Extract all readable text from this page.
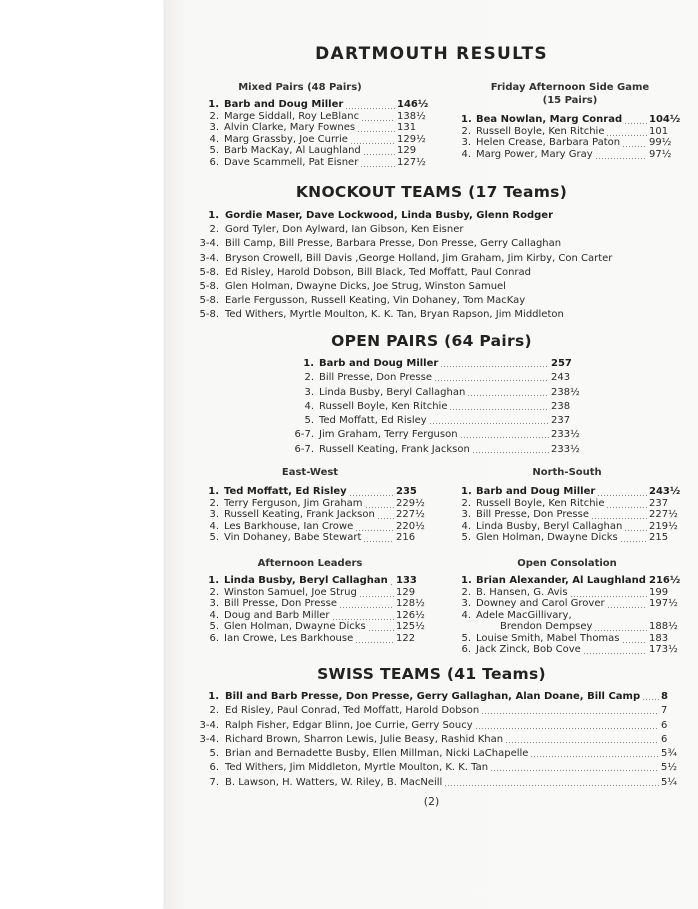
DARTMOUTH RESULTS
Mixed Pairs (48 Pairs)
1. Barb and Doug Miller	146½
2. Marge Siddall, Roy LeBlanc	138½
3. Alvin Clarke, Mary Fownes	131
4. Marg Grassby, Joe Currie	129½
5. Barb MacKay, Al Laughland	129
6. Dave Scammell, Pat Eisner	127½
Friday Afternoon Side Game
(15 Pairs)
1. Bea Nowlan, Marg Conrad	104½
2. Russell Boyle, Ken Ritchie	101
3. Helen Crease, Barbara Paton	99½
4. Marg Power, Mary Gray	97½
KNOCKOUT TEAMS (17 Teams)
1. Gordie Maser, Dave Lockwood, Linda Busby, Glenn Rodger
2. Gord Tyler, Don Aylward, Ian Gibson, Ken Eisner
3-4. Bill Camp, Bill Presse, Barbara Presse, Don Presse, Gerry Callaghan
3-4. Bryson Crowell, Bill Davis ,George Holland, Jim Graham, Jim Kirby, Con Carter
5-8. Ed Risley, Harold Dobson, Bill Black, Ted Moffatt, Paul Conrad
5-8. Glen Holman, Dwayne Dicks, Joe Strug, Winston Samuel
5-8. Earle Fergusson, Russell Keating, Vin Dohaney, Tom MacKay
5-8. Ted Withers, Myrtle Moulton, K. K. Tan, Bryan Rapson, Jim Middleton
OPEN PAIRS (64 Pairs)
1. Barb and Doug Miller	257
2. Bill Presse, Don Presse	243
3. Linda Busby, Beryl Callaghan	238½
4. Russell Boyle, Ken Ritchie	238
5. Ted Moffatt, Ed Risley	237
6-7. Jim Graham, Terry Ferguson	233½
6-7. Russell Keating, Frank Jackson	233½
East-West
1. Ted Moffatt, Ed Risley	235
2. Terry Ferguson, Jim Graham	229½
3. Russell Keating, Frank Jackson 227½
4. Les Barkhouse, Ian Crowe	220½
5. Vin Dohaney, Babe Stewart	216
North-South
1. Barb and Doug Miller	243½
2. Russell Boyle, Ken Ritchie	237
3. Bill Presse, Don Presse	227½
4. Linda Busby, Beryl Callaghan	219½
5. Glen Holman, Dwayne Dicks	215
Afternoon Leaders
1. Linda Busby, Beryl Callaghan 133
2. Winston Samuel, Joe Strug	129
3. Bill Presse, Don Presse	128½
4. Doug and Barb Miller	126½
5. Glen Holman, Dwayne Dicks	125½
6. Ian Crowe, Les Barkhouse	122
Open Consolation
1. Brian Alexander, Al Laughland 216½
2. B. Hansen, G. Avis	199
3. Downey and Carol Grover	197½
4. Adele MacGillivary,
Brendon Dempsey	188½
5. Louise Smith, Mabel Thomas	183
6. Jack Zinck, Bob Cove	173½
SWISS TEAMS (41 Teams)
1. Bill and Barb Presse, Don Presse, Gerry Gallaghan, Alan Doane, Bill Camp 8
2. Ed Risley, Paul Conrad, Ted Moffatt, Harold Dobson	7
3-4. Ralph Fisher, Edgar Blinn, Joe Currie, Gerry Soucy	6
3-4. Richard Brown, Sharron Lewis, Julie Beasy, Rashid Khan	6
5. Brian and Bernadette Busby, Ellen Millman, Nicki LaChapelle	5¾
6. Ted Withers, Jim Middleton, Myrtle Moulton, K. K. Tan	5½
7. B. Lawson, H. Watters, W. Riley, B. MacNeill	5¼
(2)
